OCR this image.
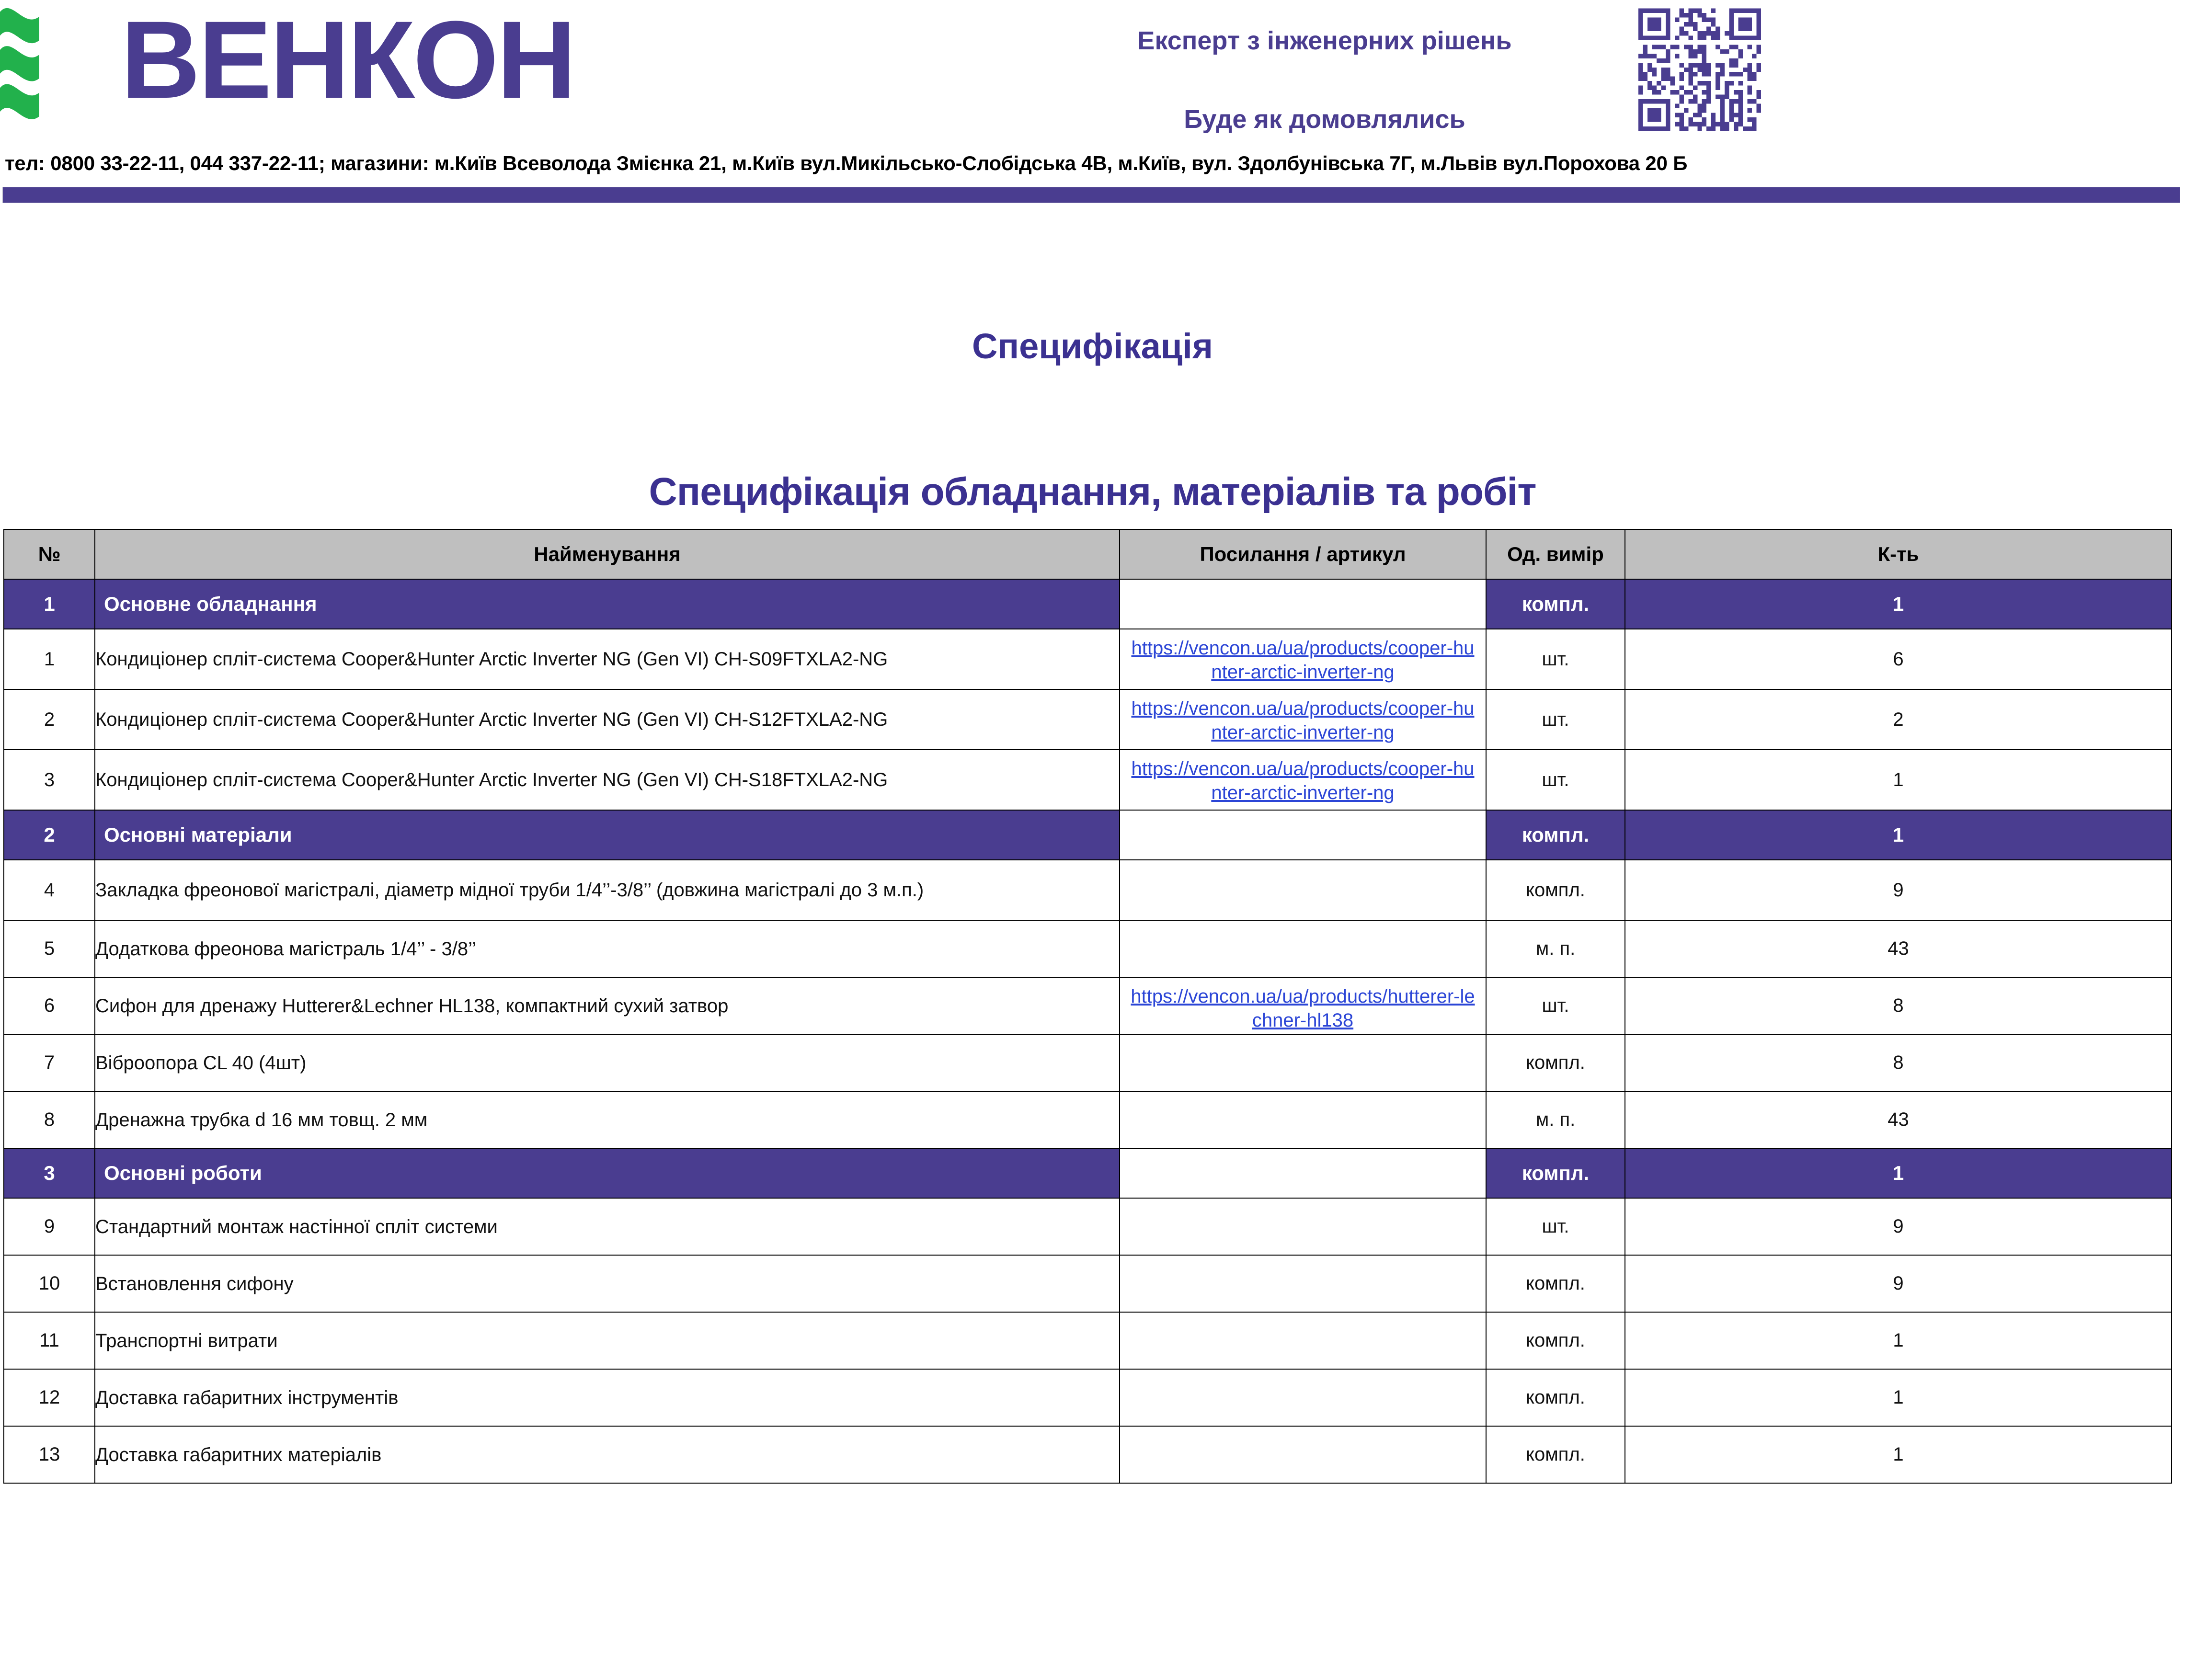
ВЕНКОН	Експерт з інженерних рішень
Буде як домовлялись
тел: 0800 33-22-11, 044 337-22-11; магазини: м.Київ Всеволода Змієнка 21, м.Київ вул.Микільсько-Слобідська 4В, м.Київ, вул. Здолбунівська 7Г, м.Львів вул.Порохова 20 Б
Специфікація
Специфікація обладнання, матеріалів та робіт
№	Найменування	Посилання / артикул	Од. вимір	К-ть
1	Основне обладнання		компл.	1
1	Кондиціонер спліт-система Cooper&Hunter Arctic Inverter NG (Gen VI) CH-S09FTXLA2-NG	https://vencon.ua/ua/products/cooper-hunter-arctic-inverter-ng	шт.	6
2	Кондиціонер спліт-система Cooper&Hunter Arctic Inverter NG (Gen VI) CH-S12FTXLA2-NG	https://vencon.ua/ua/products/cooper-hunter-arctic-inverter-ng	шт.	2
3	Кондиціонер спліт-система Cooper&Hunter Arctic Inverter NG (Gen VI) CH-S18FTXLA2-NG	https://vencon.ua/ua/products/cooper-hunter-arctic-inverter-ng	шт.	1
2	Основні матеріали		компл.	1
4	Закладка фреонової магістралі, діаметр мідної труби 1/4’’-3/8’’ (довжина магістралі до 3 м.п.)		компл.	9
5	Додаткова фреонова магістраль 1/4’’ - 3/8’’		м. п.	43
6	Сифон для дренажу Hutterer&Lechner HL138, компактний сухий затвор	https://vencon.ua/ua/products/hutterer-lechner-hl138	шт.	8
7	Віброопора CL 40 (4шт)		компл.	8
8	Дренажна трубка d 16 мм товщ. 2 мм		м. п.	43
3	Основні роботи		компл.	1
9	Стандартний монтаж настінної спліт системи		шт.	9
10	Встановлення сифону		компл.	9
11	Транспортні витрати		компл.	1
12	Доставка габаритних інструментів		компл.	1
13	Доставка габаритних матеріалів		компл.	1
